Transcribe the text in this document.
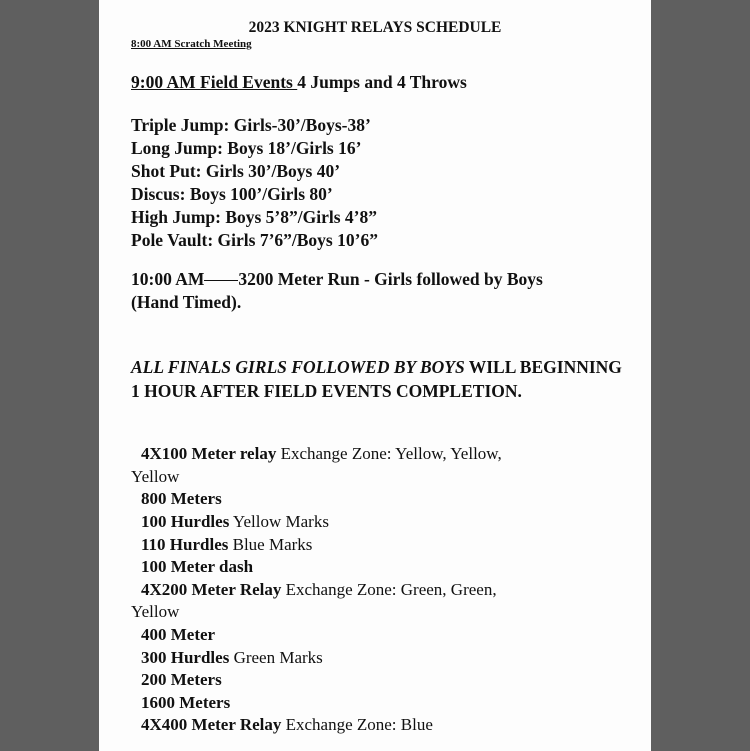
2023 KNIGHT RELAYS SCHEDULE
8:00 AM Scratch Meeting
9:00 AM Field Events 4 Jumps and 4 Throws
Triple Jump: Girls-30’/Boys-38’
Long Jump: Boys 18’/Girls 16’
Shot Put: Girls 30’/Boys 40’
Discus: Boys 100’/Girls 80’
High Jump: Boys 5’8”/Girls 4’8”
Pole Vault: Girls 7’6”/Boys 10’6”
10:00 AM 3200 Meter Run - Girls followed by Boys
(Hand Timed).
ALL FINALS GIRLS FOLLOWED BY BOYS WILL BEGINNING 1 HOUR AFTER FIELD EVENTS COMPLETION.
4X100 Meter relay Exchange Zone: Yellow, Yellow,
Yellow
800 Meters
100 Hurdles Yellow Marks
110 Hurdles Blue Marks
100 Meter dash
4X200 Meter Relay Exchange Zone: Green, Green,
Yellow
400 Meter
300 Hurdles Green Marks
200 Meters
1600 Meters
4X400 Meter Relay Exchange Zone: Blue
